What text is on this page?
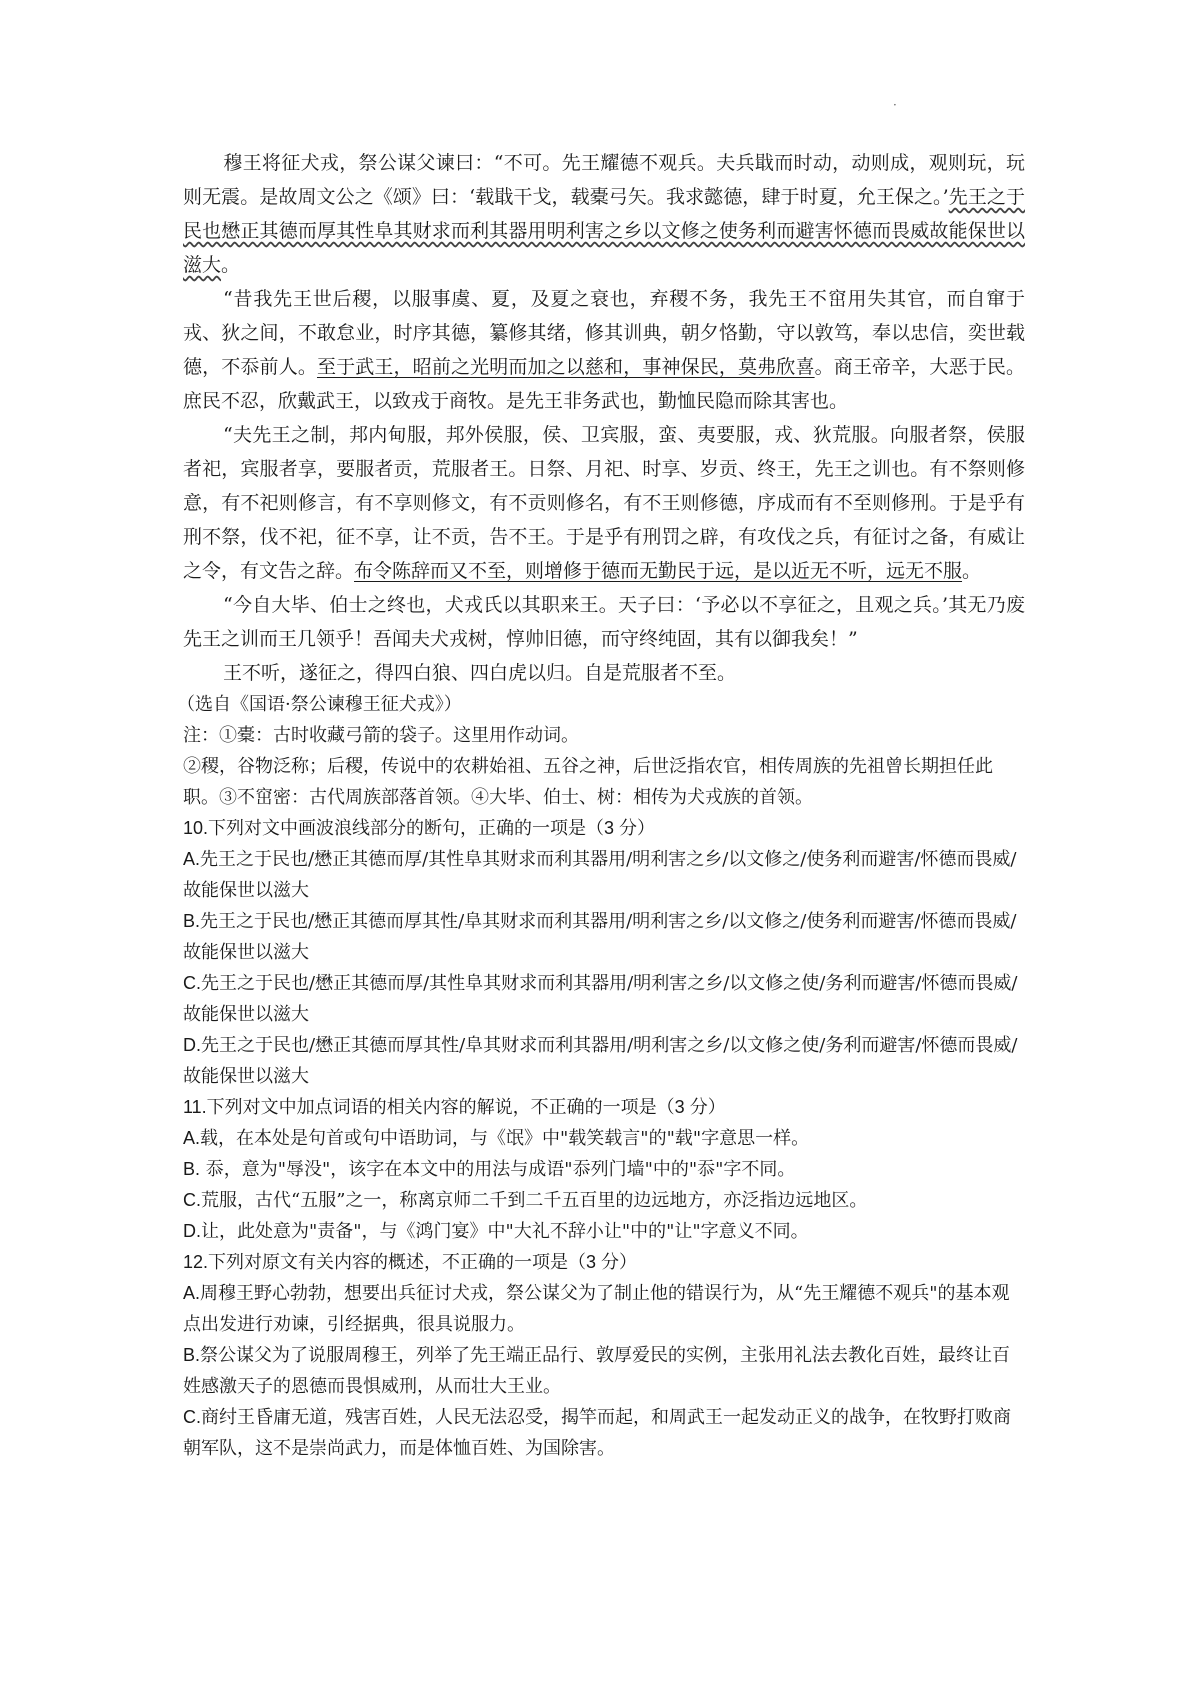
·

穆王将征犬戎，祭公谋父谏曰：“不可。先王耀德不观兵。夫兵戢而时动，动则成，观则玩，玩则无震。是故周文公之《颂》曰：‘载戢干戈，载橐弓矢。我求懿德，肆于时夏，允王保之。’先王之于民也懋正其德而厚其性阜其财求而利其器用明利害之乡以文修之使务利而避害怀德而畏威故能保世以滋大。

“昔我先王世后稷，以服事虞、夏，及夏之衰也，弃稷不务，我先王不窋用失其官，而自窜于戎、狄之间，不敢怠业，时序其德，纂修其绪，修其训典，朝夕恪勤，守以敦笃，奉以忠信，奕世载德，不忝前人。至于武王，昭前之光明而加之以慈和，事神保民，莫弗欣喜。商王帝辛，大恶于民。庶民不忍，欣戴武王，以致戎于商牧。是先王非务武也，勤恤民隐而除其害也。

“夫先王之制，邦内甸服，邦外侯服，侯、卫宾服，蛮、夷要服，戎、狄荒服。向服者祭，侯服者祀，宾服者享，要服者贡，荒服者王。日祭、月祀、时享、岁贡、终王，先王之训也。有不祭则修意，有不祀则修言，有不享则修文，有不贡则修名，有不王则修德，序成而有不至则修刑。于是乎有刑不祭，伐不祀，征不享，让不贡，告不王。于是乎有刑罚之辟，有攻伐之兵，有征讨之备，有威让之令，有文告之辞。布令陈辞而又不至，则增修于德而无勤民于远，是以近无不听，远无不服。

“今自大毕、伯士之终也，犬戎氏以其职来王。天子曰：‘予必以不享征之，且观之兵。’其无乃废先王之训而王几领乎！吾闻夫犬戎树，惇帅旧德，而守终纯固，其有以御我矣！”

王不听，遂征之，得四白狼、四白虎以归。自是荒服者不至。

（选自《国语·祭公谏穆王征犬戎》）

注：①橐：古时收藏弓箭的袋子。这里用作动词。

②稷，谷物泛称；后稷，传说中的农耕始祖、五谷之神，后世泛指农官，相传周族的先祖曾长期担任此职。③不窋密：古代周族部落首领。④大毕、伯士、树：相传为犬戎族的首领。

10.下列对文中画波浪线部分的断句，正确的一项是（3 分）

A.先王之于民也/懋正其德而厚/其性阜其财求而利其器用/明利害之乡/以文修之/使务利而避害/怀德而畏威/故能保世以滋大

B.先王之于民也/懋正其德而厚其性/阜其财求而利其器用/明利害之乡/以文修之/使务利而避害/怀德而畏威/故能保世以滋大

C.先王之于民也/懋正其德而厚/其性阜其财求而利其器用/明利害之乡/以文修之使/务利而避害/怀德而畏威/故能保世以滋大

D.先王之于民也/懋正其德而厚其性/阜其财求而利其器用/明利害之乡/以文修之使/务利而避害/怀德而畏威/故能保世以滋大

11.下列对文中加点词语的相关内容的解说，不正确的一项是（3 分）

A.载，在本处是句首或句中语助词，与《氓》中"载笑载言"的"载"字意思一样。

B. 忝，意为"辱没"，该字在本文中的用法与成语"忝列门墙"中的"忝"字不同。

C.荒服，古代“五服”之一，称离京师二千到二千五百里的边远地方，亦泛指边远地区。

D.让，此处意为"责备"，与《鸿门宴》中"大礼不辞小让"中的"让"字意义不同。

12.下列对原文有关内容的概述，不正确的一项是（3 分）

A.周穆王野心勃勃，想要出兵征讨犬戎，祭公谋父为了制止他的错误行为，从“先王耀德不观兵"的基本观点出发进行劝谏，引经据典，很具说服力。

B.祭公谋父为了说服周穆王，列举了先王端正品行、敦厚爱民的实例，主张用礼法去教化百姓，最终让百姓感激天子的恩德而畏惧威刑，从而壮大王业。

C.商纣王昏庸无道，残害百姓，人民无法忍受，揭竿而起，和周武王一起发动正义的战争，在牧野打败商朝军队，这不是崇尚武力，而是体恤百姓、为国除害。
